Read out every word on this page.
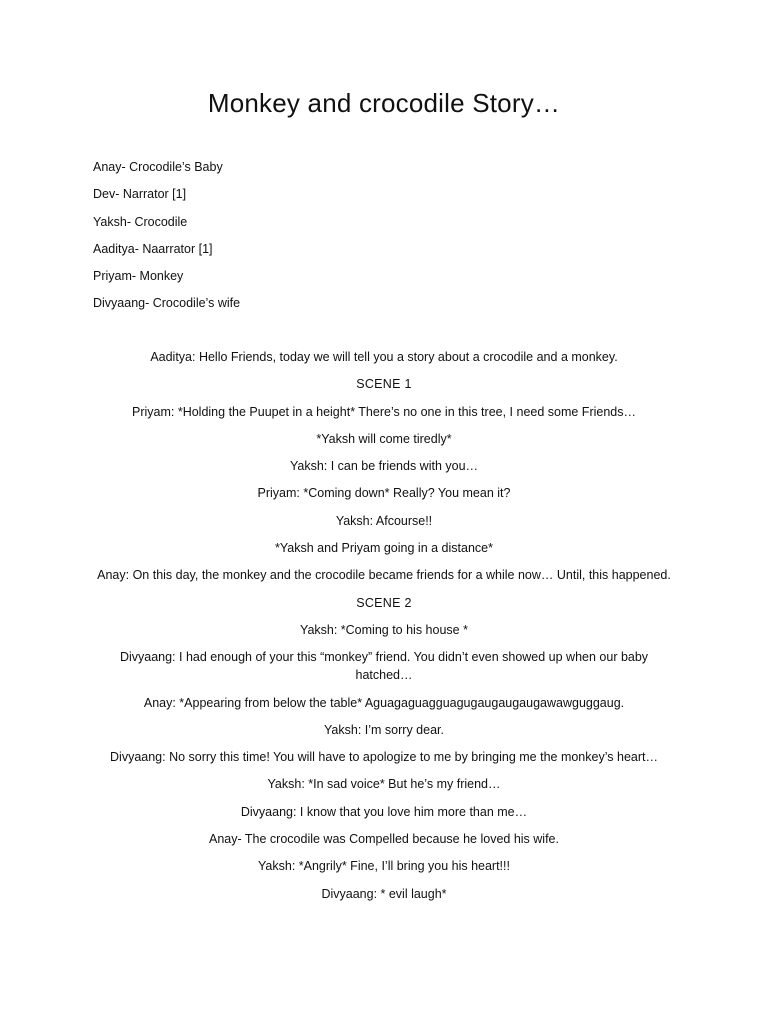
Monkey and crocodile Story…
Anay- Crocodile’s Baby
Dev- Narrator [1]
Yaksh- Crocodile
Aaditya- Naarrator [1]
Priyam- Monkey
Divyaang- Crocodile’s wife
Aaditya: Hello Friends, today we will tell you a story about a crocodile and a monkey.
SCENE 1
Priyam: *Holding the Puupet in a height* There’s no one in this tree, I need some Friends…
*Yaksh will come tiredly*
Yaksh: I can be friends with you…
Priyam: *Coming down* Really? You mean it?
Yaksh: Afcourse!!
*Yaksh and Priyam going in a distance*
Anay: On this day, the monkey and the crocodile became friends for a while now… Until, this happened.
SCENE 2
Yaksh: *Coming to his house *
Divyaang: I had enough of your this “monkey” friend. You didn’t even showed up when our baby hatched…
Anay: *Appearing from below the table* Aguagaguagguagugaugaugaugawawguggaug.
Yaksh: I’m sorry dear.
Divyaang: No sorry this time! You will have to apologize to me by bringing me the monkey’s heart…
Yaksh: *In sad voice* But he’s my friend…
Divyaang: I know that you love him more than me…
Anay- The crocodile was Compelled because he loved his wife.
Yaksh: *Angrily* Fine, I’ll bring you his heart!!!
Divyaang: * evil laugh*
